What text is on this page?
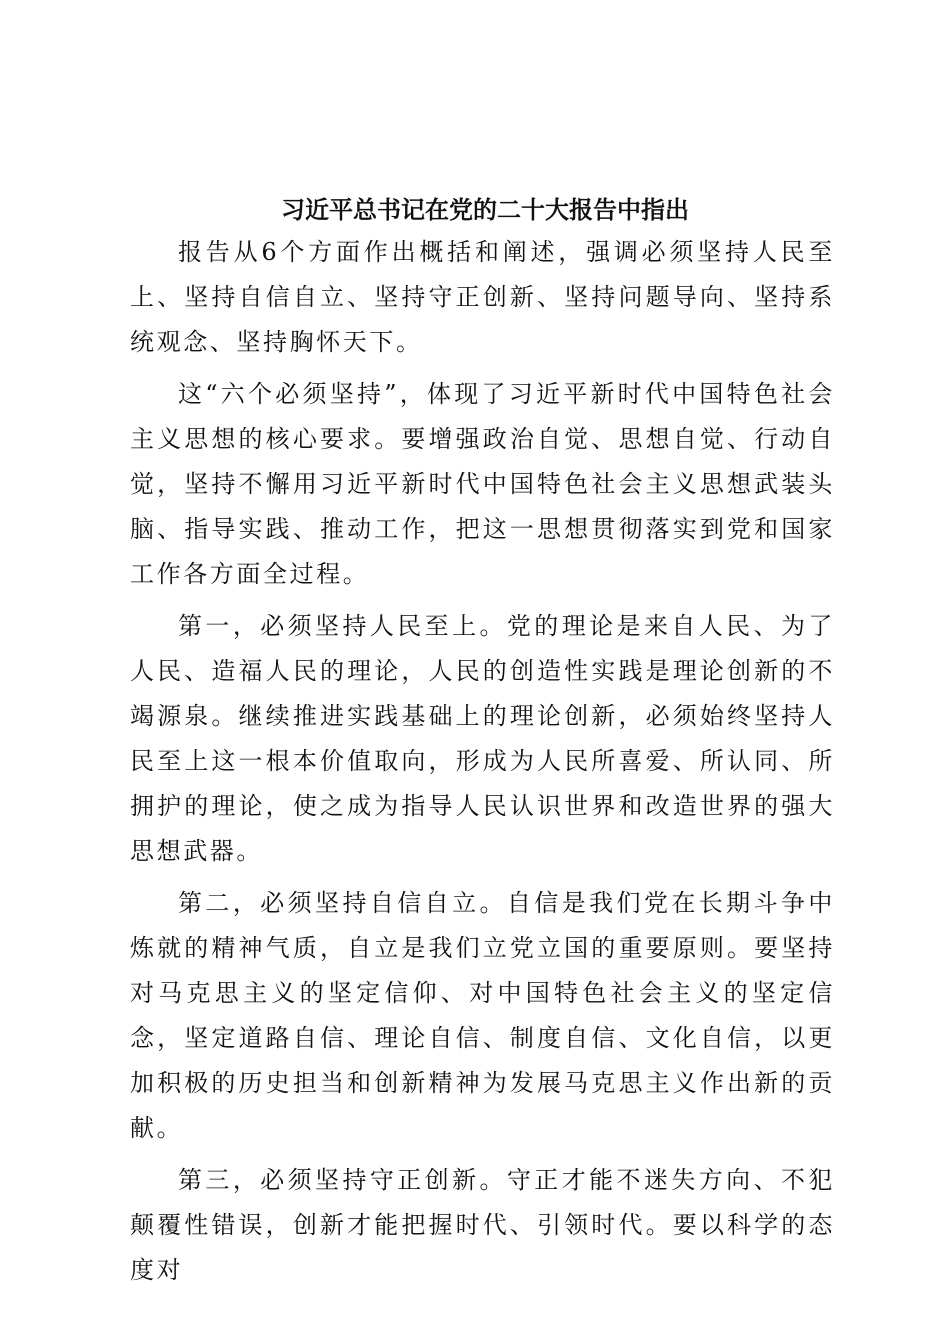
习近平总书记在党的二十大报告中指出

报告从6个方面作出概括和阐述，强调必须坚持人民至上、坚持自信自立、坚持守正创新、坚持问题导向、坚持系统观念、坚持胸怀天下。

这“六个必须坚持”，体现了习近平新时代中国特色社会主义思想的核心要求。要增强政治自觉、思想自觉、行动自觉，坚持不懈用习近平新时代中国特色社会主义思想武装头脑、指导实践、推动工作，把这一思想贯彻落实到党和国家工作各方面全过程。

第一，必须坚持人民至上。党的理论是来自人民、为了人民、造福人民的理论，人民的创造性实践是理论创新的不竭源泉。继续推进实践基础上的理论创新，必须始终坚持人民至上这一根本价值取向，形成为人民所喜爱、所认同、所拥护的理论，使之成为指导人民认识世界和改造世界的强大思想武器。

第二，必须坚持自信自立。自信是我们党在长期斗争中炼就的精神气质，自立是我们立党立国的重要原则。要坚持对马克思主义的坚定信仰、对中国特色社会主义的坚定信念，坚定道路自信、理论自信、制度自信、文化自信，以更加积极的历史担当和创新精神为发展马克思主义作出新的贡献。

第三，必须坚持守正创新。守正才能不迷失方向、不犯颠覆性错误，创新才能把握时代、引领时代。要以科学的态度对
